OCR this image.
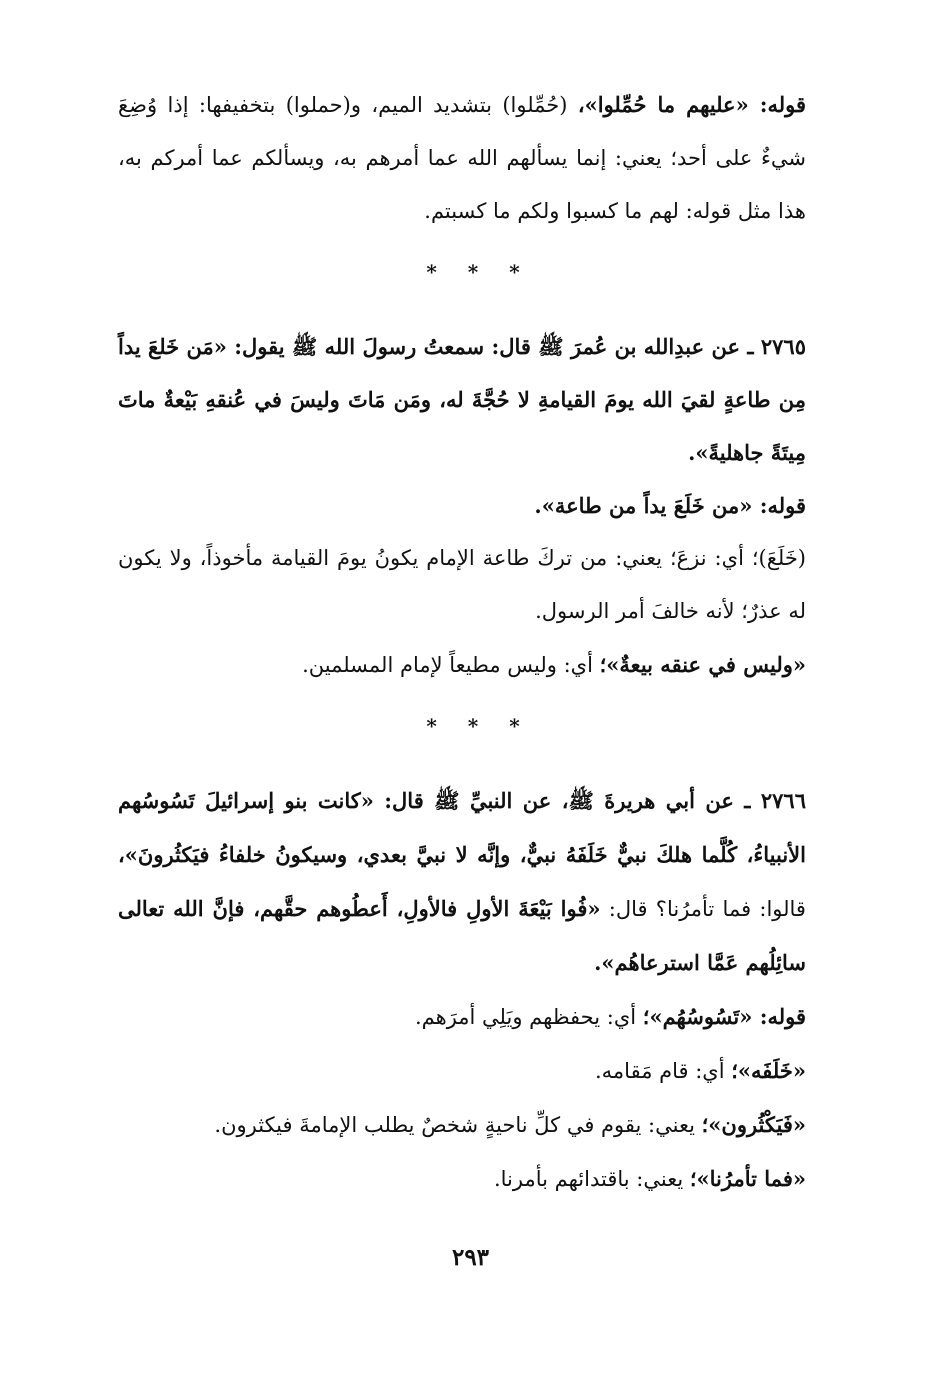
قوله: «عليهم ما حُمِّلوا»، (حُمِّلوا) بتشديد الميم، و(حملوا) بتخفيفها: إذا وُضِعَ شيءٌ على أحد؛ يعني: إنما يسألهم الله عما أمرهم به، ويسألكم عما أمركم به، هذا مثل قوله: لهم ما كسبوا ولكم ما كسبتم.

* * *

٢٧٦٥ ـ عن عبدِالله بن عُمرَ ﷺ قال: سمعتُ رسولَ الله ﷺ يقول: «مَن خَلعَ يداً مِن طاعةٍ لقيَ الله يومَ القيامةِ لا حُجَّةَ له، ومَن مَاتَ وليسَ في عُنقهِ بَيْعةٌ ماتَ مِيتَةً جاهليةً».

قوله: «من خَلَعَ يداً من طاعة».

(خَلَعَ)؛ أي: نزعَ؛ يعني: من تركَ طاعة الإمام يكونُ يومَ القيامة مأخوذاً، ولا يكون له عذرٌ؛ لأنه خالفَ أمر الرسول.

«وليس في عنقه بيعةٌ»؛ أي: وليس مطيعاً لإمام المسلمين.

* * *

٢٧٦٦ ـ عن أبي هريرةَ ﷺ، عن النبيِّ ﷺ قال: «كانت بنو إسرائيلَ تَسُوسُهم الأنبياءُ، كُلَّما هلكَ نبيٌّ خَلَفَهُ نبيٌّ، وإنَّه لا نبيَّ بعدي، وسيكونُ خلفاءُ فيَكثُرونَ»، قالوا: فما تأمرُنا؟ قال: «فُوا بَيْعَةَ الأولِ فالأولِ، أَعطُوهم حقَّهم، فإنَّ الله تعالى سائِلُهم عَمَّا استرعاهُم».

قوله: «تَسُوسُهُم»؛ أي: يحفظهم ويَلِي أمرَهم.

«خَلَفَه»؛ أي: قام مَقامه.

«فَيَكْثُرون»؛ يعني: يقوم في كلِّ ناحيةٍ شخصٌ يطلب الإمامةَ فيكثرون.

«فما تأمرُنا»؛ يعني: باقتدائهم بأمرنا.

٢٩٣
